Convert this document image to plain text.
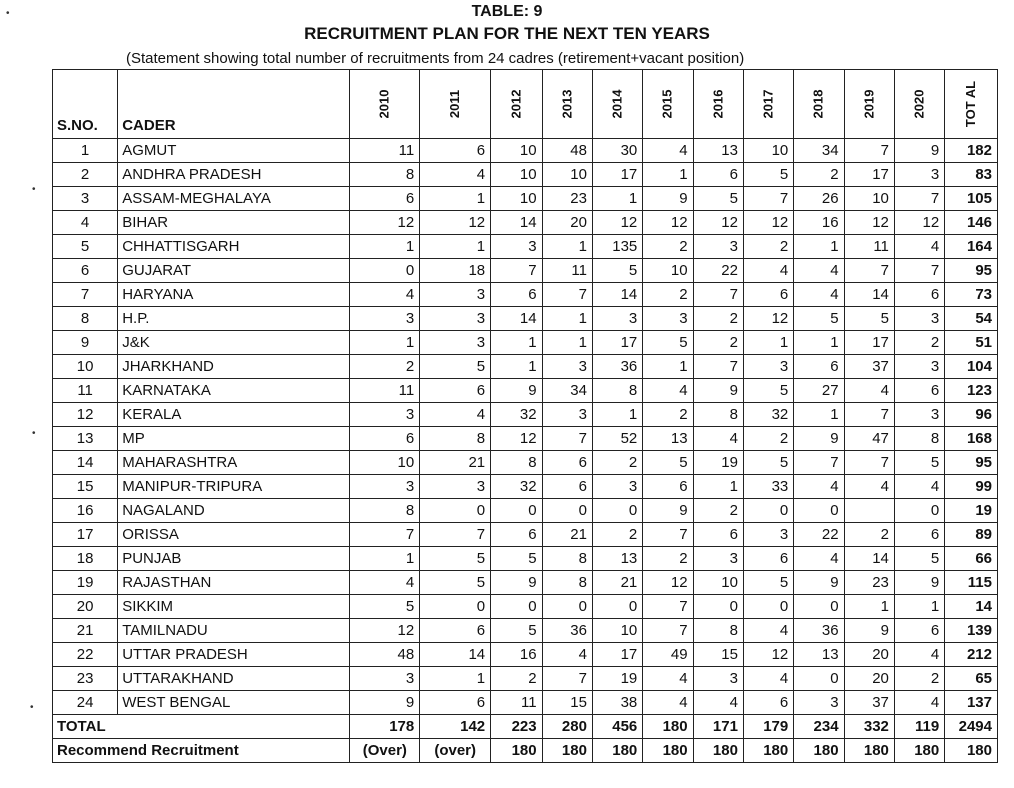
•
•
•
•
TABLE: 9
RECRUITMENT PLAN FOR THE NEXT TEN YEARS
(Statement showing total number of recruitments from 24 cadres (retirement+vacant position)
S.NO.	CADER	2010	2011	2012	2013	2014	2015	2016	2017	2018	2019	2020	TOT AL
1	AGMUT	11	6	10	48	30	4	13	10	34	7	9	182
2	ANDHRA PRADESH	8	4	10	10	17	1	6	5	2	17	3	83
3	ASSAM-MEGHALAYA	6	1	10	23	1	9	5	7	26	10	7	105
4	BIHAR	12	12	14	20	12	12	12	12	16	12	12	146
5	CHHATTISGARH	1	1	3	1	135	2	3	2	1	11	4	164
6	GUJARAT	0	18	7	11	5	10	22	4	4	7	7	95
7	HARYANA	4	3	6	7	14	2	7	6	4	14	6	73
8	H.P.	3	3	14	1	3	3	2	12	5	5	3	54
9	J&K	1	3	1	1	17	5	2	1	1	17	2	51
10	JHARKHAND	2	5	1	3	36	1	7	3	6	37	3	104
11	KARNATAKA	11	6	9	34	8	4	9	5	27	4	6	123
12	KERALA	3	4	32	3	1	2	8	32	1	7	3	96
13	MP	6	8	12	7	52	13	4	2	9	47	8	168
14	MAHARASHTRA	10	21	8	6	2	5	19	5	7	7	5	95
15	MANIPUR-TRIPURA	3	3	32	6	3	6	1	33	4	4	4	99
16	NAGALAND	8	0	0	0	0	9	2	0	0		0	19
17	ORISSA	7	7	6	21	2	7	6	3	22	2	6	89
18	PUNJAB	1	5	5	8	13	2	3	6	4	14	5	66
19	RAJASTHAN	4	5	9	8	21	12	10	5	9	23	9	115
20	SIKKIM	5	0	0	0	0	7	0	0	0	1	1	14
21	TAMILNADU	12	6	5	36	10	7	8	4	36	9	6	139
22	UTTAR PRADESH	48	14	16	4	17	49	15	12	13	20	4	212
23	UTTARAKHAND	3	1	2	7	19	4	3	4	0	20	2	65
24	WEST BENGAL	9	6	11	15	38	4	4	6	3	37	4	137
TOTAL		178	142	223	280	456	180	171	179	234	332	119	2494
Recommend Recruitment		(Over)	(over)	180	180	180	180	180	180	180	180	180	180
